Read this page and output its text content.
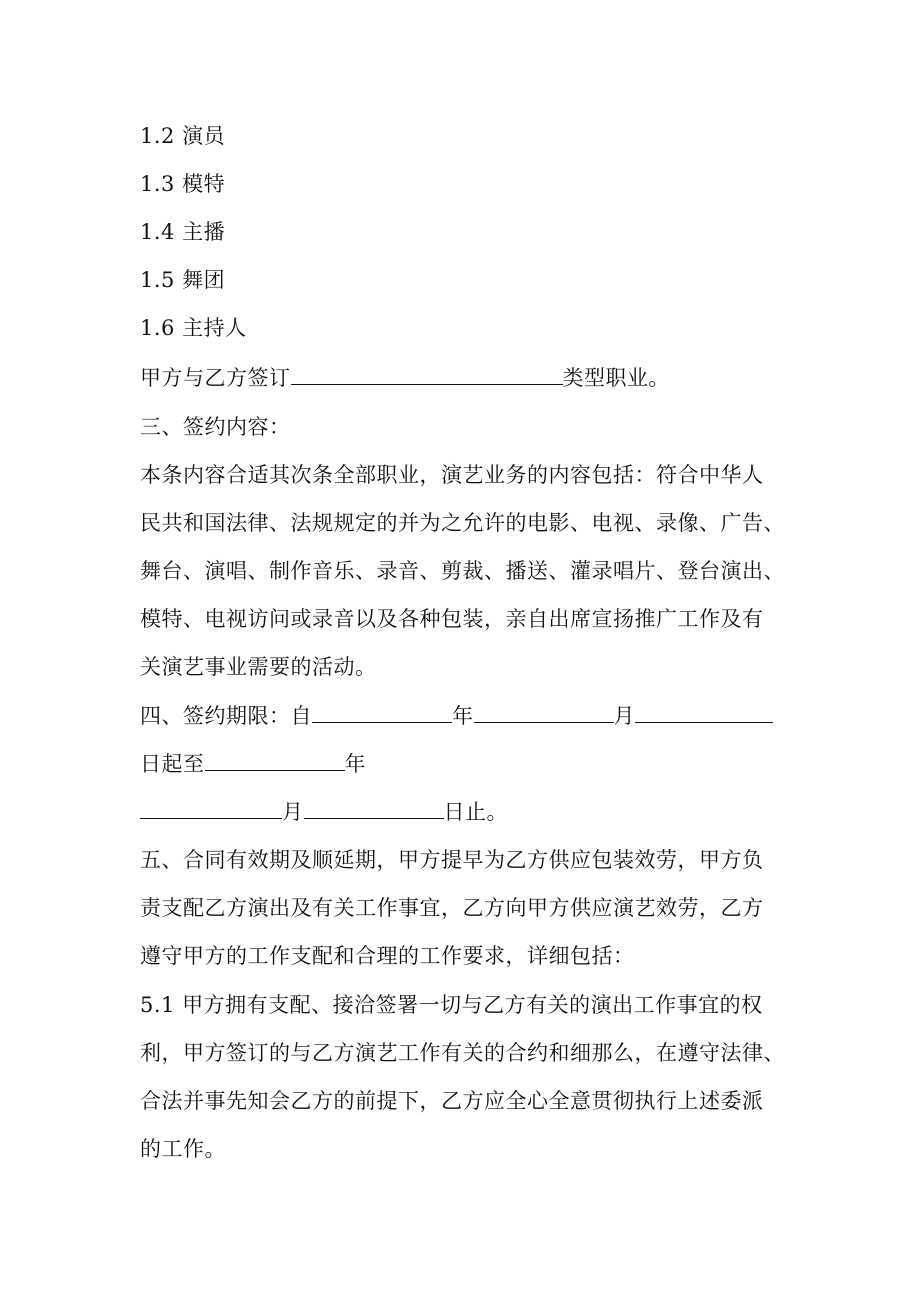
1.2 演员
1.3 模特
1.4 主播
1.5 舞团
1.6 主持人
甲方与乙方签订	类型职业。
三、签约内容：
本条内容合适其次条全部职业，演艺业务的内容包括：符合中华人
民共和国法律、法规规定的并为之允许的电影、电视、录像、广告、
舞台、演唱、制作音乐、录音、剪裁、播送、灌录唱片、登台演出、
模特、电视访问或录音以及各种包装，亲自出席宣扬推广工作及有
关演艺事业需要的活动。
四、签约期限：自	年	月
日起至	年
月	日止。
五、合同有效期及顺延期，甲方提早为乙方供应包装效劳，甲方负
责支配乙方演出及有关工作事宜，乙方向甲方供应演艺效劳，乙方
遵守甲方的工作支配和合理的工作要求，详细包括：
5.1 甲方拥有支配、接洽签署一切与乙方有关的演出工作事宜的权
利，甲方签订的与乙方演艺工作有关的合约和细那么，在遵守法律、
合法并事先知会乙方的前提下，乙方应全心全意贯彻执行上述委派
的工作。
